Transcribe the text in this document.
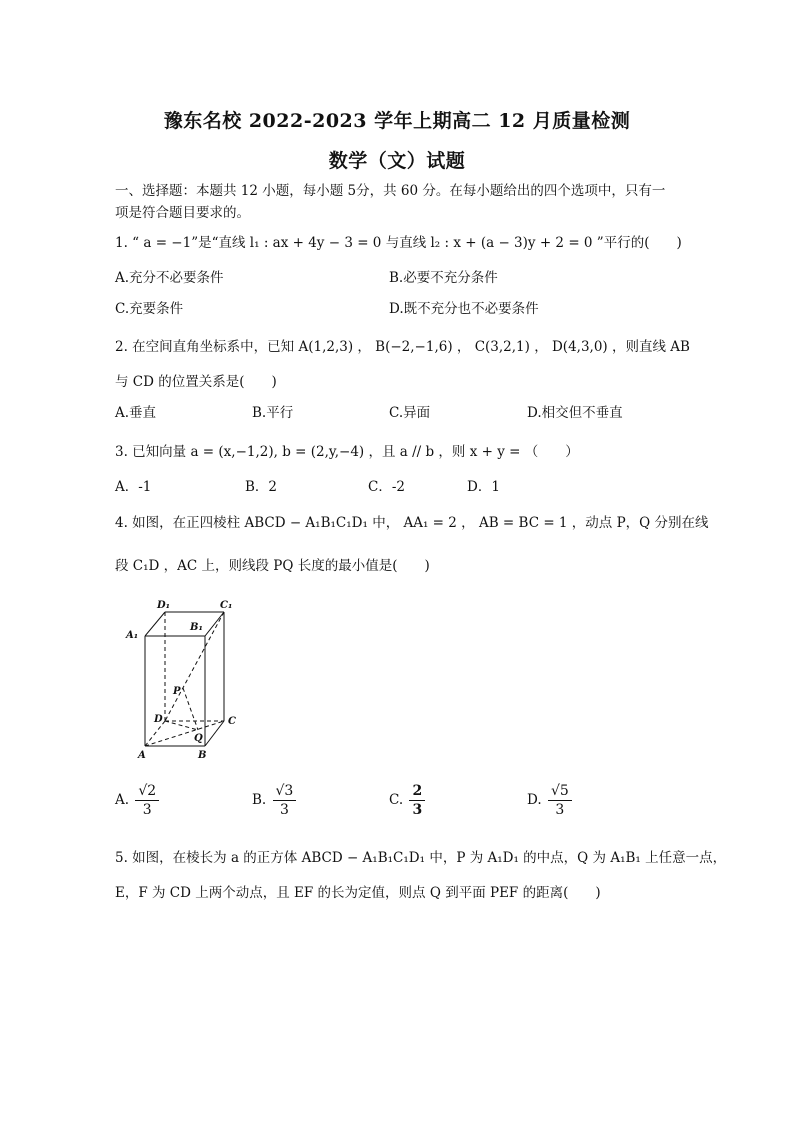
豫东名校 2022-2023 学年上期高二 12 月质量检测
数学（文）试题
一、选择题：本题共 12 小题，每小题 5分，共 60 分。在每小题给出的四个选项中，只有一
项是符合题目要求的。
1. “ a = −1”是“直线 l₁ : ax + 4y − 3 = 0 与直线 l₂ : x + (a − 3)y + 2 = 0 ”平行的(　　)
A.充分不必要条件	B.必要不充分条件
C.充要条件	D.既不充分也不必要条件
2. 在空间直角坐标系中，已知 A(1,2,3) ， B(−2,−1,6) ， C(3,2,1) ， D(4,3,0) ，则直线 AB
与 CD 的位置关系是(　　)
A.垂直	B.平行	C.异面	D.相交但不垂直
3. 已知向量 a = (x,−1,2), b = (2,y,−4) ，且 a // b ，则 x + y = （　　）
A．-1	B．2	C．-2	D．1
4. 如图，在正四棱柱 ABCD − A₁B₁C₁D₁ 中， AA₁ = 2 ， AB = BC = 1 ，动点 P，Q 分别在线
段 C₁D ，AC 上，则线段 PQ 长度的最小值是(　　)
D₁	C₁
A₁
B₁
P
D	C
Q
A	B
A. $\frac{√2}{3}$	B. $\frac{√3}{3}$	C. $\frac{2}{3}$	D. $\frac{√5}{3}$
5. 如图，在棱长为 a 的正方体 ABCD − A₁B₁C₁D₁ 中，P 为 A₁D₁ 的中点，Q 为 A₁B₁ 上任意一点，
E，F 为 CD 上两个动点，且 EF 的长为定值，则点 Q 到平面 PEF 的距离(　　)
